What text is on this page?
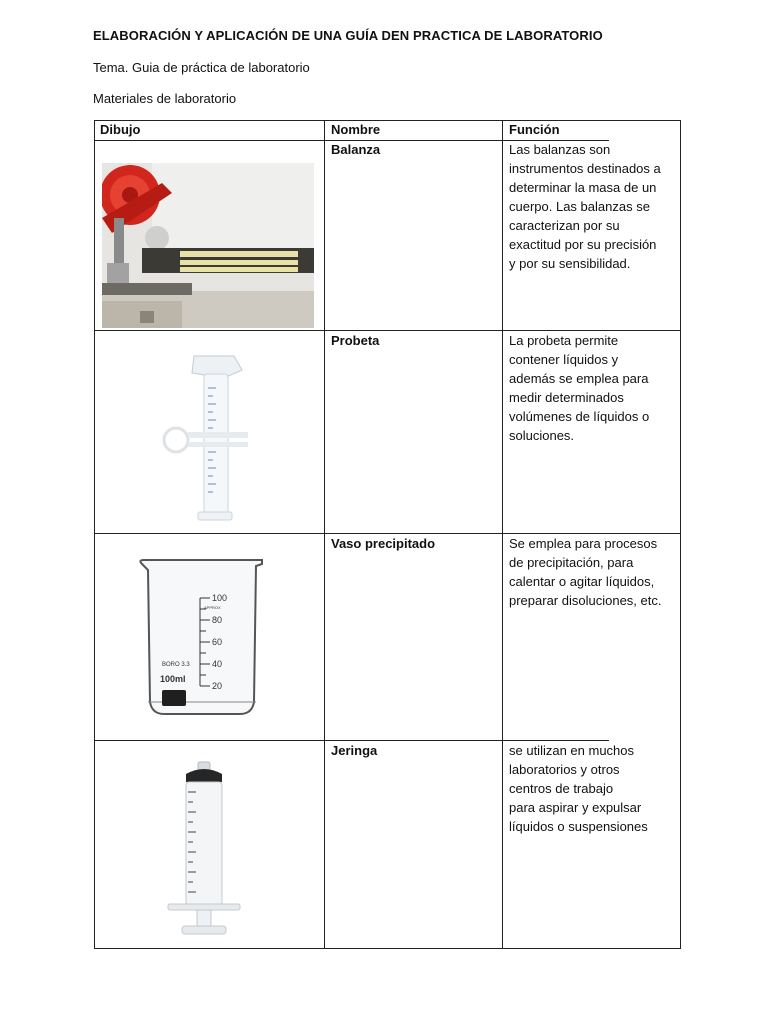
ELABORACIÓN Y APLICACIÓN DE UNA GUÍA DEN PRACTICA DE LABORATORIO
Tema. Guia de práctica de laboratorio
Materiales de laboratorio
Dibujo	Nombre	Función
Balanza	Las balanzas son
instrumentos destinados a
determinar la masa de un
cuerpo. Las balanzas se
caracterizan por su
exactitud por su precisión
y por su sensibilidad.
Probeta	La probeta permite
contener líquidos y
además se emplea para
medir determinados
volúmenes de líquidos o
soluciones.
Vaso precipitado	Se emplea para procesos
de precipitación, para
calentar o agitar líquidos,
preparar disoluciones, etc.
100
80
60
40
20
APPROX
BORO 3.3
100ml
Jeringa	se utilizan en muchos
laboratorios y otros
centros de trabajo
para aspirar y expulsar
líquidos o suspensiones
